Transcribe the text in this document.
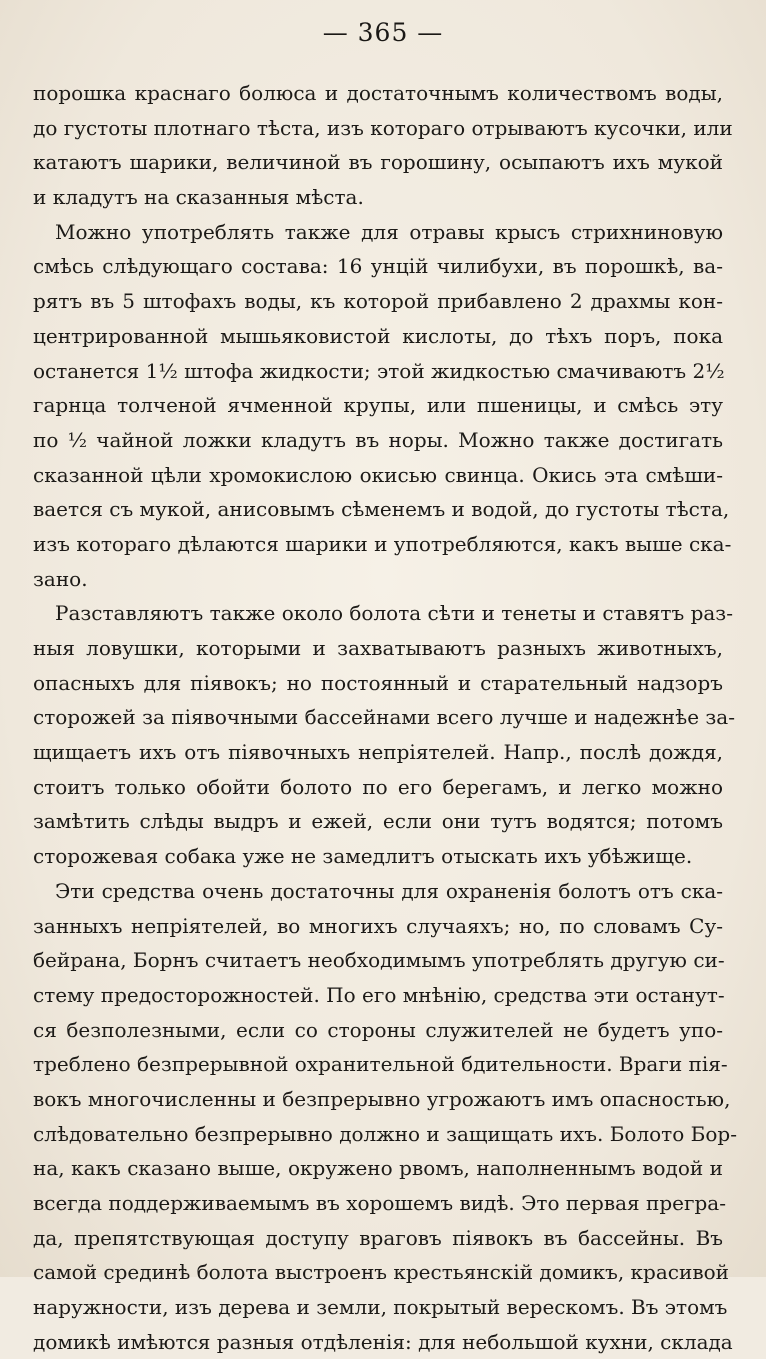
— 365 —
порошка краснаго болюса и достаточнымъ количествомъ воды,
до густоты плотнаго тѣста, изъ котораго отрываютъ кусочки, или
катаютъ шарики, величиной въ горошину, осыпаютъ ихъ мукой
и кладутъ на сказанныя мѣста.
Можно употреблять также для отравы крысъ стрихниновую
смѣсь слѣдующаго состава: 16 унцій чилибухи, въ порошкѣ, ва-
рятъ въ 5 штофахъ воды, къ которой прибавлено 2 драхмы кон-
центрированной мышьяковистой кислоты, до тѣхъ поръ, пока
останется 1½ штофа жидкости; этой жидкостью смачиваютъ 2½
гарнца толченой ячменной крупы, или пшеницы, и смѣсь эту
по ½ чайной ложки кладутъ въ норы. Можно также достигать
сказанной цѣли хромокислою окисью свинца. Окись эта смѣши-
вается съ мукой, анисовымъ сѣменемъ и водой, до густоты тѣста,
изъ котораго дѣлаются шарики и употребляются, какъ выше ска-
зано.
Разставляютъ также около болота сѣти и тенеты и ставятъ раз-
ныя ловушки, которыми и захватываютъ разныхъ животныхъ,
опасныхъ для піявокъ; но постоянный и старательный надзоръ
сторожей за піявочными бассейнами всего лучше и надежнѣе за-
щищаетъ ихъ отъ піявочныхъ непріятелей. Напр., послѣ дождя,
стоитъ только обойти болото по его берегамъ, и легко можно
замѣтить слѣды выдръ и ежей, если они тутъ водятся; потомъ
сторожевая собака уже не замедлитъ отыскать ихъ убѣжище.
Эти средства очень достаточны для охраненія болотъ отъ ска-
занныхъ непріятелей, во многихъ случаяхъ; но, по словамъ Су-
бейрана, Борнъ считаетъ необходимымъ употреблять другую си-
стему предосторожностей. По его мнѣнію, средства эти останут-
ся безполезными, если со стороны служителей не будетъ упо-
треблено безпрерывной охранительной бдительности. Враги пія-
вокъ многочисленны и безпрерывно угрожаютъ имъ опасностью,
слѣдовательно безпрерывно должно и защищать ихъ. Болото Бор-
на, какъ сказано выше, окружено рвомъ, наполненнымъ водой и
всегда поддерживаемымъ въ хорошемъ видѣ. Это первая прегра-
да, препятствующая доступу враговъ піявокъ въ бассейны. Въ
самой срединѣ болота выстроенъ крестьянскій домикъ, красивой
наружности, изъ дерева и земли, покрытый верескомъ. Въ этомъ
домикѣ имѣются разныя отдѣленія: для небольшой кухни, склада
